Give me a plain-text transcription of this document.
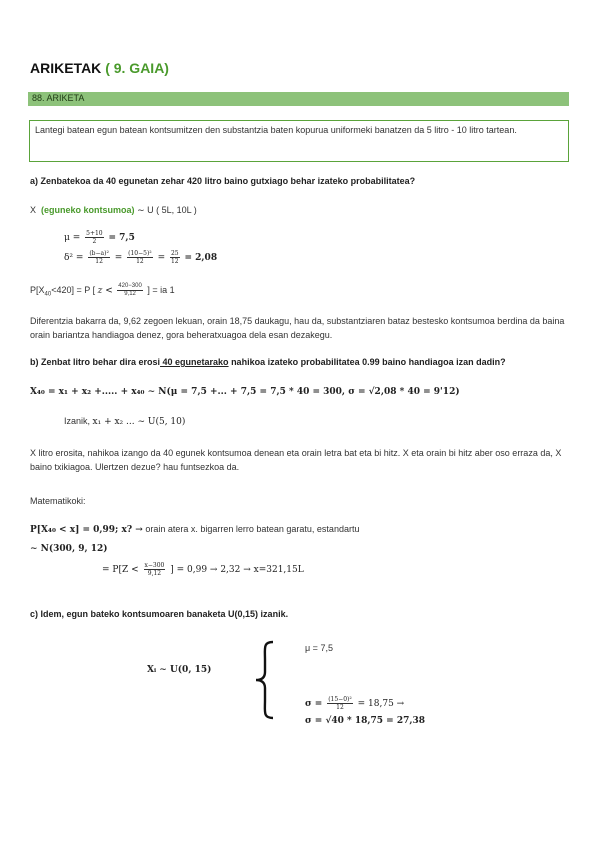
ARIKETAK ( 9. GAIA)
88. ARIKETA
Lantegi batean egun batean kontsumitzen den substantzia baten kopurua uniformeki banatzen da 5 litro - 10 litro tartean.
a) Zenbatekoa da 40 egunetan zehar 420 litro baino gutxiago behar izateko probabilitatea?
X (eguneko kontsumoa) ∼ U ( 5L, 10L )
$\mu = \frac{5+10}{2} = 7,5$
$\delta^2 = \frac{\text{(b−a)²}}{12} = \frac{\text{(10−5)²}}{12} = \frac{25}{12} = 2,08$
$P[X_{40}<420] = P$ [ $z < \frac{420-300}{9,12}$ ] = ia 1
Diferentzia bakarra da, 9,62 zegoen lekuan, orain 18,75 daukagu, hau da, substantziaren bataz bestesko kontsumoa berdina da baina orain bariantza handiagoa denez, gora beheratxuagoa dela esan dezakegu.
b) Zenbat litro behar dira erosi 40 egunetarako nahikoa izateko probabilitatea 0.99 baino handiagoa izan dadin?
X₄₀ = x₁ + x₂ +..... + x₄₀ ∼ N(μ = 7,5 +... + 7,5 = 7,5 * 40 = 300, σ = √2,08 * 40 = 9'12)
Izanik, x₁ + x₂ ... ∼ U(5, 10)
X litro erosita, nahikoa izango da 40 egunek kontsumoa denean eta orain letra bat eta bi hitz. X eta orain bi hitz aber oso erraza da, X baino txikiagoa. Ulertzen dezue? hau funtsezkoa da.
Matematikoki:
P[X₄₀ < x] = 0,99; x? → orain atera x. bigarren lerro batean garatu, estandartu
∼ N(300, 9, 12)
= $P[Z < \frac{x-300}{9,12}$ ] = 0,99 → 2,32 → x=321,15L
c) Idem, egun bateko kontsumoaren banaketa U(0,15) izanik.
Xᵢ ∼ U(0, 15)
μ = 7,5
$\sigma = \frac{\text{(15−0)²}}{12} = 18,75$ →
σ = √40 * 18,75 = 27,38
